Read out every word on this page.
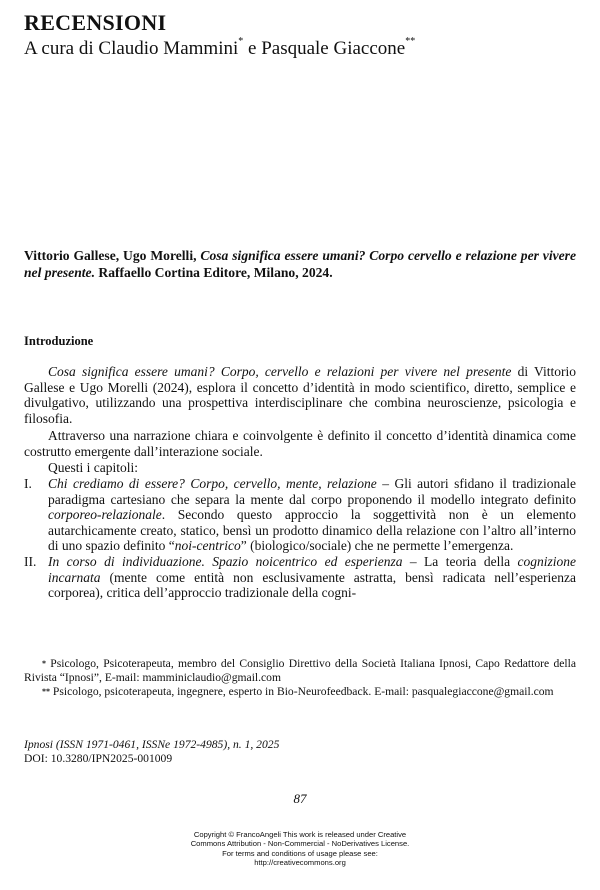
RECENSIONI
A cura di Claudio Mammini* e Pasquale Giaccone**
Vittorio Gallese, Ugo Morelli, Cosa significa essere umani? Corpo cervello e relazione per vivere nel presente. Raffaello Cortina Editore, Milano, 2024.
Introduzione

Cosa significa essere umani? Corpo, cervello e relazioni per vivere nel presente di Vittorio Gallese e Ugo Morelli (2024), esplora il concetto d’identità in modo scientifico, diretto, semplice e divulgativo, utilizzando una prospettiva interdisciplinare che combina neuroscienze, psicologia e filosofia.

Attraverso una narrazione chiara e coinvolgente è definito il concetto d’identità dinamica come costrutto emergente dall’interazione sociale.

Questi i capitoli:

I. Chi crediamo di essere? Corpo, cervello, mente, relazione – Gli autori sfidano il tradizionale paradigma cartesiano che separa la mente dal corpo proponendo il modello integrato definito corporeo-relazionale. Secondo questo approccio la soggettività non è un elemento autarchicamente creato, statico, bensì un prodotto dinamico della relazione con l’altro all’interno di uno spazio definito “noi-centrico” (biologico/sociale) che ne permette l’emergenza.
II. In corso di individuazione. Spazio noicentrico ed esperienza – La teoria della cognizione incarnata (mente come entità non esclusivamente astratta, bensì radicata nell’esperienza corporea), critica dell’approccio tradizionale della cogni-

* Psicologo, Psicoterapeuta, membro del Consiglio Direttivo della Società Italiana Ipnosi, Capo Redattore della Rivista “Ipnosi”, E-mail: mamminiclaudio@gmail.com

** Psicologo, psicoterapeuta, ingegnere, esperto in Bio-Neurofeedback. E-mail: pasqualegiaccone@gmail.com

Ipnosi (ISSN 1971-0461, ISSNe 1972-4985), n. 1, 2025
DOI: 10.3280/IPN2025-001009
87
Copyright © FrancoAngeli This work is released under Creative
Commons Attribution - Non-Commercial - NoDerivatives License.
For terms and conditions of usage please see:
http://creativecommons.org
